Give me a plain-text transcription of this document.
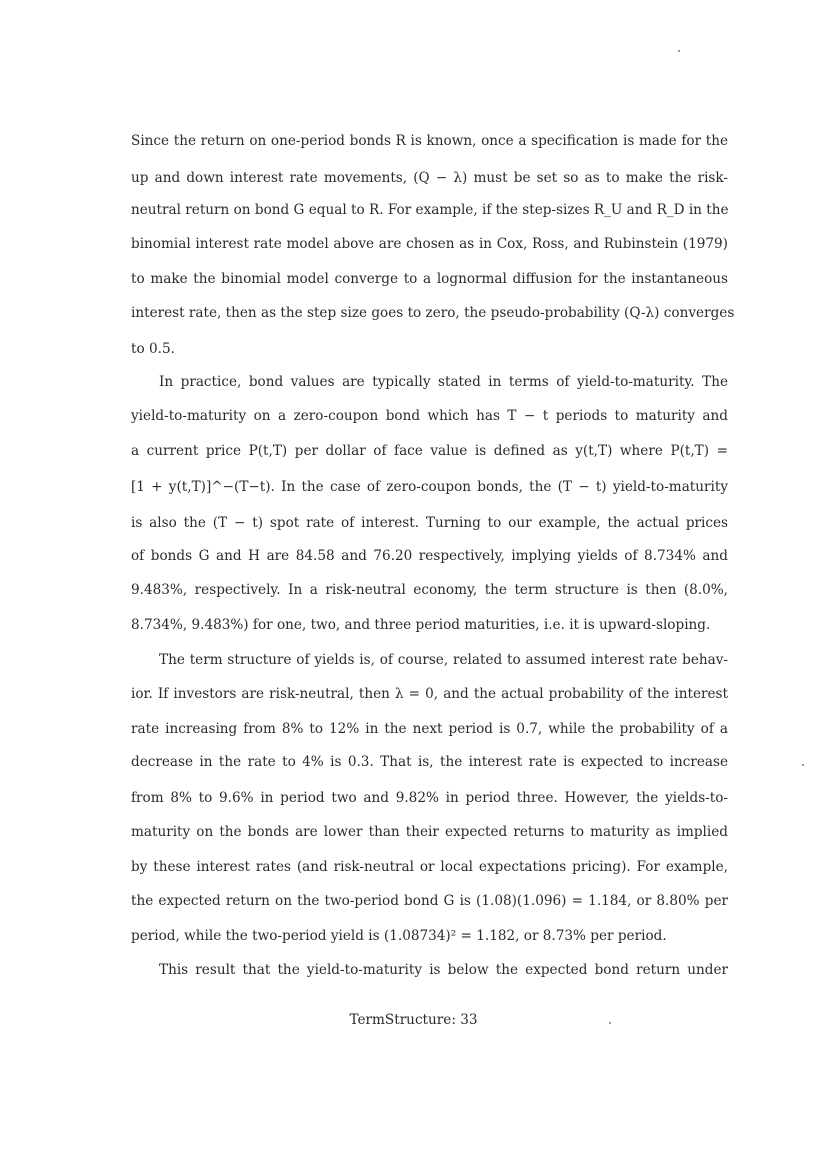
Since the return on one-period bonds R is known, once a specification is made for the
up and down interest rate movements, (Q − λ) must be set so as to make the risk-
neutral return on bond G equal to R. For example, if the step-sizes R_U and R_D in the
binomial interest rate model above are chosen as in Cox, Ross, and Rubinstein (1979)
to make the binomial model converge to a lognormal diffusion for the instantaneous
interest rate, then as the step size goes to zero, the pseudo-probability (Q-λ) converges
to 0.5.
In practice, bond values are typically stated in terms of yield-to-maturity. The
yield-to-maturity on a zero-coupon bond which has T − t periods to maturity and
a current price P(t,T) per dollar of face value is defined as y(t,T) where P(t,T) =
[1 + y(t,T)]^−(T−t). In the case of zero-coupon bonds, the (T − t) yield-to-maturity
is also the (T − t) spot rate of interest. Turning to our example, the actual prices
of bonds G and H are 84.58 and 76.20 respectively, implying yields of 8.734% and
9.483%, respectively. In a risk-neutral economy, the term structure is then (8.0%,
8.734%, 9.483%) for one, two, and three period maturities, i.e. it is upward-sloping.
The term structure of yields is, of course, related to assumed interest rate behav-
ior. If investors are risk-neutral, then λ = 0, and the actual probability of the interest
rate increasing from 8% to 12% in the next period is 0.7, while the probability of a
decrease in the rate to 4% is 0.3. That is, the interest rate is expected to increase
from 8% to 9.6% in period two and 9.82% in period three. However, the yields-to-
maturity on the bonds are lower than their expected returns to maturity as implied
by these interest rates (and risk-neutral or local expectations pricing). For example,
the expected return on the two-period bond G is (1.08)(1.096) = 1.184, or 8.80% per
period, while the two-period yield is (1.08734)² = 1.182, or 8.73% per period.
This result that the yield-to-maturity is below the expected bond return under
TermStructure: 33
